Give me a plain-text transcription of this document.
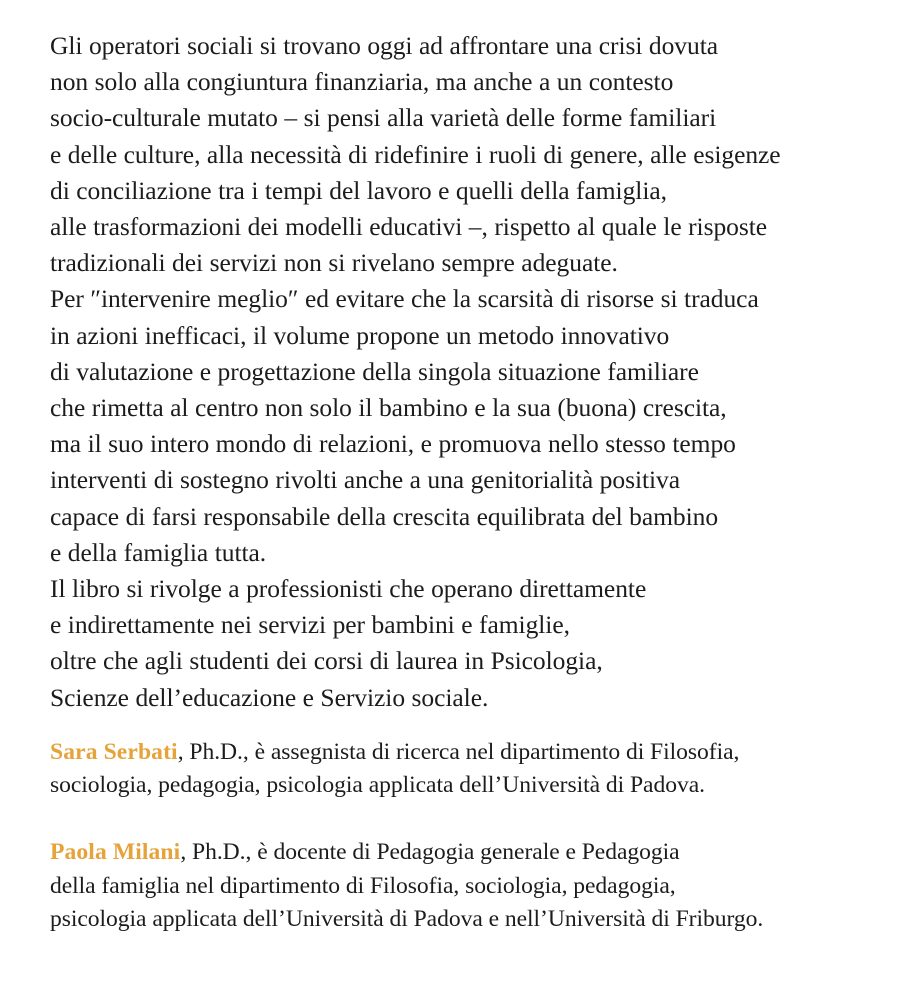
Gli operatori sociali si trovano oggi ad affrontare una crisi dovuta
non solo alla congiuntura finanziaria, ma anche a un contesto
socio-culturale mutato – si pensi alla varietà delle forme familiari
e delle culture, alla necessità di ridefinire i ruoli di genere, alle esigenze
di conciliazione tra i tempi del lavoro e quelli della famiglia,
alle trasformazioni dei modelli educativi –, rispetto al quale le risposte
tradizionali dei servizi non si rivelano sempre adeguate.
Per ″intervenire meglio″ ed evitare che la scarsità di risorse si traduca
in azioni inefficaci, il volume propone un metodo innovativo
di valutazione e progettazione della singola situazione familiare
che rimetta al centro non solo il bambino e la sua (buona) crescita,
ma il suo intero mondo di relazioni, e promuova nello stesso tempo
interventi di sostegno rivolti anche a una genitorialità positiva
capace di farsi responsabile della crescita equilibrata del bambino
e della famiglia tutta.
Il libro si rivolge a professionisti che operano direttamente
e indirettamente nei servizi per bambini e famiglie,
oltre che agli studenti dei corsi di laurea in Psicologia,
Scienze dell’educazione e Servizio sociale.
Sara Serbati, Ph.D., è assegnista di ricerca nel dipartimento di Filosofia,
sociologia, pedagogia, psicologia applicata dell’Università di Padova.
Paola Milani, Ph.D., è docente di Pedagogia generale e Pedagogia
della famiglia nel dipartimento di Filosofia, sociologia, pedagogia,
psicologia applicata dell’Università di Padova e nell’Università di Friburgo.
